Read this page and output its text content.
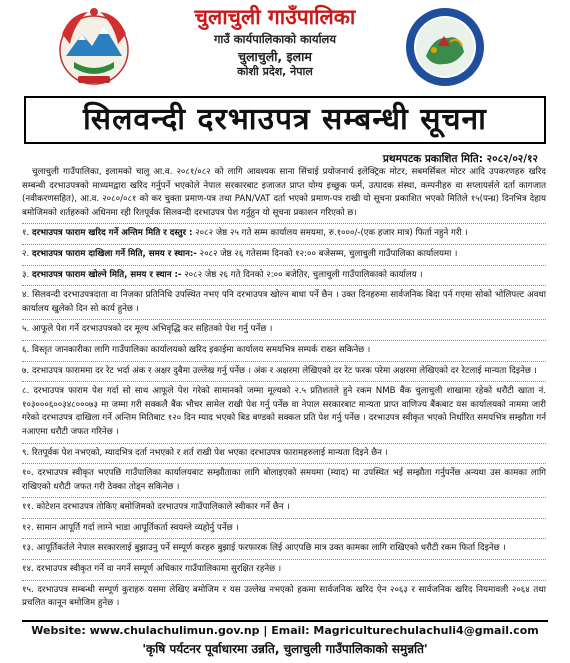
चुलाचुली गाउँपालिका
गाउँ कार्यपालिकाको कार्यालय
चुलाचुली, इलाम
कोशी प्रदेश, नेपाल
सिलवन्दी दरभाउपत्र सम्बन्धी सूचना
प्रथमपटक प्रकाशित मिति: २०८२/०२/१२
चुलाचुली गाउँपालिका, इलामको चालु आ.व. २०८१/०८२ को लागि आवश्यक साना सिंचाई प्रयोजनार्थ इलेक्ट्रिक मोटर, सबमर्सिबल मोटर आदि उपकरणहरु खरिद सम्बन्धी दरभाउपत्रको माध्यमद्वारा खरिद गर्नुपर्ने भएकोले नेपाल सरकारबाट इजाजत प्राप्त योग्य इच्छुक फर्म, उत्पादक संस्था, कम्पनीहरु वा सप्लायर्सले दर्ता कागजात (नवीकरणसहित), आ.व. २०८०/०८१ को कर चुक्ता प्रमाण-पत्र तथा PAN/VAT दर्ता भएको प्रमाण-पत्र राखी यो सूचना प्रकाशित भएको मितिले १५(पन्ध्र) दिनभित्र देहाय बमोजिमको शर्तहरुको अधिनमा रही रितपूर्वक सिलवन्दी दरभाउपत्र पेश गर्नुहुन यो सूचना प्रकाशन गरिएको छ।
१. दरभाउपत्र फाराम खरिद गर्ने अन्तिम मिति र दस्तुर : २०८२ जेष्ठ २५ गते सम्म कार्यालय समयमा, रु.१०००/-(एक हजार मात्र) फिर्ता नहुने गरी ।
२. दरभाउपत्र फाराम दाखिला गर्ने मिति, समय र स्थान:- २०८२ जेष्ठ २६ गतेसम्म दिनको १२:०० बजेसम्म, चुलाचुली गाउँपालिका कार्यालयमा ।
३. दरभाउपत्र फाराम खोल्ने मिति, समय र स्थान :- २०८२ जेष्ठ २६ गते दिनको २:०० बजेतिर, चुलाचुली गाउँपालिकाको कार्यालय ।
४. सिलवन्दी दरभाउपत्रदाता वा निजका प्रतिनिधि उपस्थित नभए पनि दरभाउपत्र खोल्न बाधा पर्ने छैन । उक्त दिनहरुमा सार्वजनिक बिदा पर्न गएमा सोको भोलिपल्ट अवधा कार्यालय खुलेको दिन सो कार्य हुनेछ ।
५. आफूले पेश गर्ने दरभाउपत्रको दर मूल्य अभिवृद्धि कर सहितको पेश गर्नु पर्नेछ ।
६. विस्तृत जानकारीका लागि गाउँपालिका कार्यालयको खरिद इकाईमा कार्यालय समयभित्र सम्पर्क राख्न सकिनेछ ।
७. दरभाउपत्र फाराममा दर रेट भर्दा अंक र अक्षर दुबैमा उल्लेख गर्नु पर्नेछ । अंक र अक्षरमा लेखिएको दर रेट फरक परेमा अक्षरमा लेखिएको दर रेटलाई मान्यता दिइनेछ ।
८. दरभाउपत्र फाराम पेश गर्दा सो साथ आफूले पेश गरेको सामानको जम्मा मूल्यको २.५ प्रतिशतले हुने रकम NMB बैंक चुलाचुली शाखामा रहेको धरौटी खाता नं. १०३०००६००३४८०००७३ मा जम्मा गरी सक्कलै बैंक भौचर सामेल राखी पेश गर्नु पर्नेछ वा नेपाल सरकारबाट मान्यता प्राप्त वाणिज्य बैंकबाट यस कार्यालयको नाममा जारी गरेको दरभाउपत्र दाखिला गर्ने अन्तिम मितिबाट १२० दिन म्याद भएको बिड बण्डको सक्कल प्रति पेश गर्नु पर्नेछ । दरभाउपत्र स्वीकृत भएको निर्धारित समयभित्र सम्झौता गर्न नआएमा धरौटी जफत गरिनेछ ।
९. रितपूर्वक पेश नभएको, म्यादभित्र दर्ता नभएको र शर्त राखी पेश भएका दरभाउपत्र फारामहरुलाई मान्यता दिइने छैन ।
१०. दरभाउपत्र स्वीकृत भएपछि गाउँपालिका कार्यालयबाट सम्झौताका लागि बोलाइएको समयमा (म्याद) मा उपस्थित भई सम्झौता गर्नुपर्नेछ अन्यथा उस कामका लागि राखिएको धरौटी जफत गरी ठेक्का तोड्न सकिनेछ ।
११. कोटेशन दरभाउपत्र तोकिए बमोजिमको दरभाउपत्र गाउँपालिकाले स्वीकार गर्ने छैन ।
१२. सामान आपूर्ति गर्दा लाग्ने भाडा आपूर्तिकर्ता स्वयम्ले व्यहोर्नु पर्नेछ ।
१३. आपूर्तिकर्तले नेपाल सरकारलाई बुझाउनु पर्ने सम्पूर्ण करहरु बुझाई फरफारक लिई आएपछि मात्र उक्त कामका लागि राखिएको धरौटी रकम फिर्ता दिइनेछ ।
१४. दरभाउपत्र स्वीकृत गर्ने वा नगर्ने सम्पूर्ण अधिकार गाउँपालिकामा सुरक्षित रहनेछ ।
१५. दरभाउपत्र सम्बन्धी सम्पूर्ण कुराहरु यसमा लेखिए बमोजिम र यस उल्लेख नभएको हकमा सार्वजनिक खरिद ऐन २०६३ र सार्वजनिक खरिद नियमावली २०६४ तथा प्रचलित कानून बमोजिम हुनेछ ।
Website: www.chulachulimun.gov.np | Email: Magriculturechulachuli4@gmail.com
'कृषि पर्यटनर पूर्वाधारमा उन्नति, चुलाचुली गाउँपालिकाको समुन्नति'
